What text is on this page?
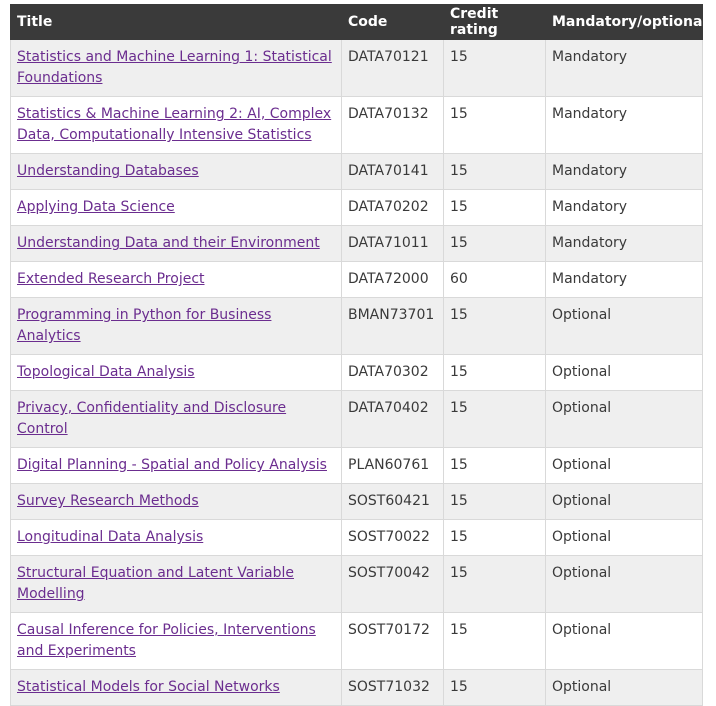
Title	Code	Credit rating	Mandatory/optional
Statistics and Machine Learning 1: Statistical Foundations	DATA70121	15	Mandatory
Statistics & Machine Learning 2: AI, Complex Data, Computationally Intensive Statistics	DATA70132	15	Mandatory
Understanding Databases	DATA70141	15	Mandatory
Applying Data Science	DATA70202	15	Mandatory
Understanding Data and their Environment	DATA71011	15	Mandatory
Extended Research Project	DATA72000	60	Mandatory
Programming in Python for Business Analytics	BMAN73701	15	Optional
Topological Data Analysis	DATA70302	15	Optional
Privacy, Confidentiality and Disclosure Control	DATA70402	15	Optional
Digital Planning - Spatial and Policy Analysis	PLAN60761	15	Optional
Survey Research Methods	SOST60421	15	Optional
Longitudinal Data Analysis	SOST70022	15	Optional
Structural Equation and Latent Variable Modelling	SOST70042	15	Optional
Causal Inference for Policies, Interventions and Experiments	SOST70172	15	Optional
Statistical Models for Social Networks	SOST71032	15	Optional
